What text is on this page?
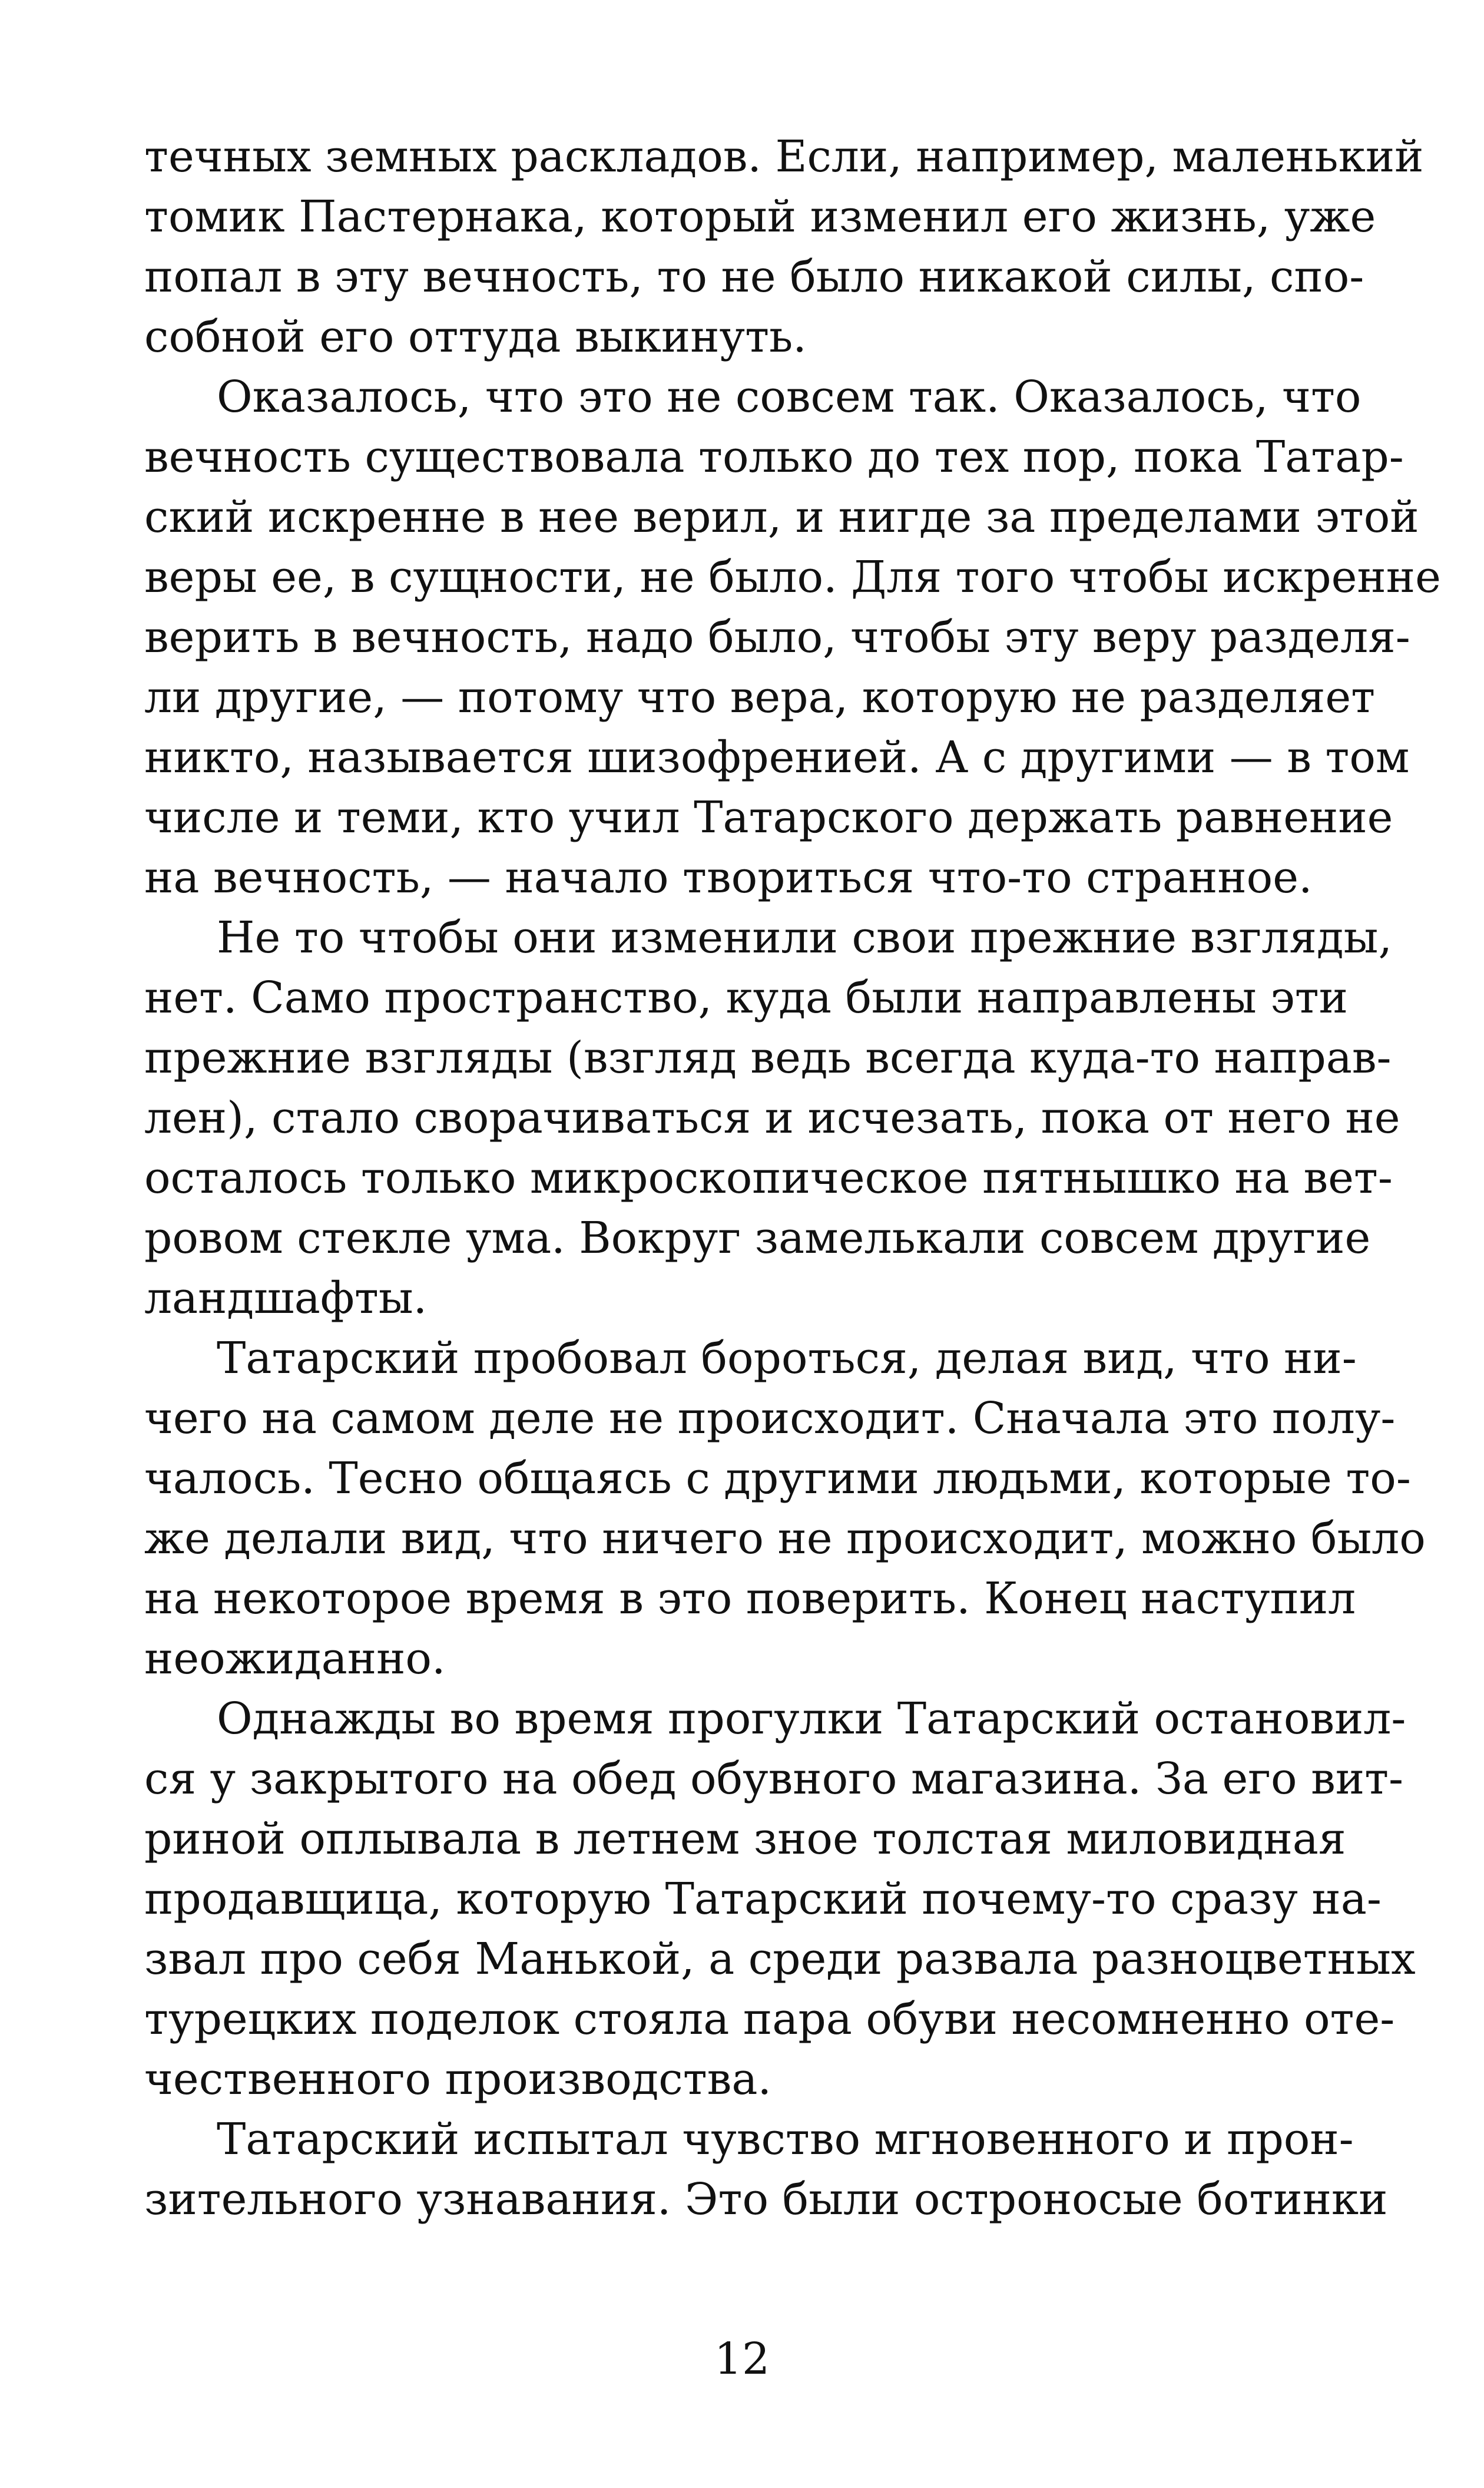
течных земных раскладов. Если, например, маленький
томик Пастернака, который изменил его жизнь, уже
попал в эту вечность, то не было никакой силы, спо-
собной его оттуда выкинуть.
Оказалось, что это не совсем так. Оказалось, что
вечность существовала только до тех пор, пока Татар-
ский искренне в нее верил, и нигде за пределами этой
веры ее, в сущности, не было. Для того чтобы искренне
верить в вечность, надо было, чтобы эту веру разделя-
ли другие, — потому что вера, которую не разделяет
никто, называется шизофренией. А с другими — в том
числе и теми, кто учил Татарского держать равнение
на вечность, — начало твориться что-то странное.
Не то чтобы они изменили свои прежние взгляды,
нет. Само пространство, куда были направлены эти
прежние взгляды (взгляд ведь всегда куда-то направ-
лен), стало сворачиваться и исчезать, пока от него не
осталось только микроскопическое пятнышко на вет-
ровом стекле ума. Вокруг замелькали совсем другие
ландшафты.
Татарский пробовал бороться, делая вид, что ни-
чего на самом деле не происходит. Сначала это полу-
чалось. Тесно общаясь с другими людьми, которые то-
же делали вид, что ничего не происходит, можно было
на некоторое время в это поверить. Конец наступил
неожиданно.
Однажды во время прогулки Татарский остановил-
ся у закрытого на обед обувного магазина. За его вит-
риной оплывала в летнем зное толстая миловидная
продавщица, которую Татарский почему-то сразу на-
звал про себя Манькой, а среди развала разноцветных
турецких поделок стояла пара обуви несомненно оте-
чественного производства.
Татарский испытал чувство мгновенного и прон-
зительного узнавания. Это были остроносые ботинки
12
